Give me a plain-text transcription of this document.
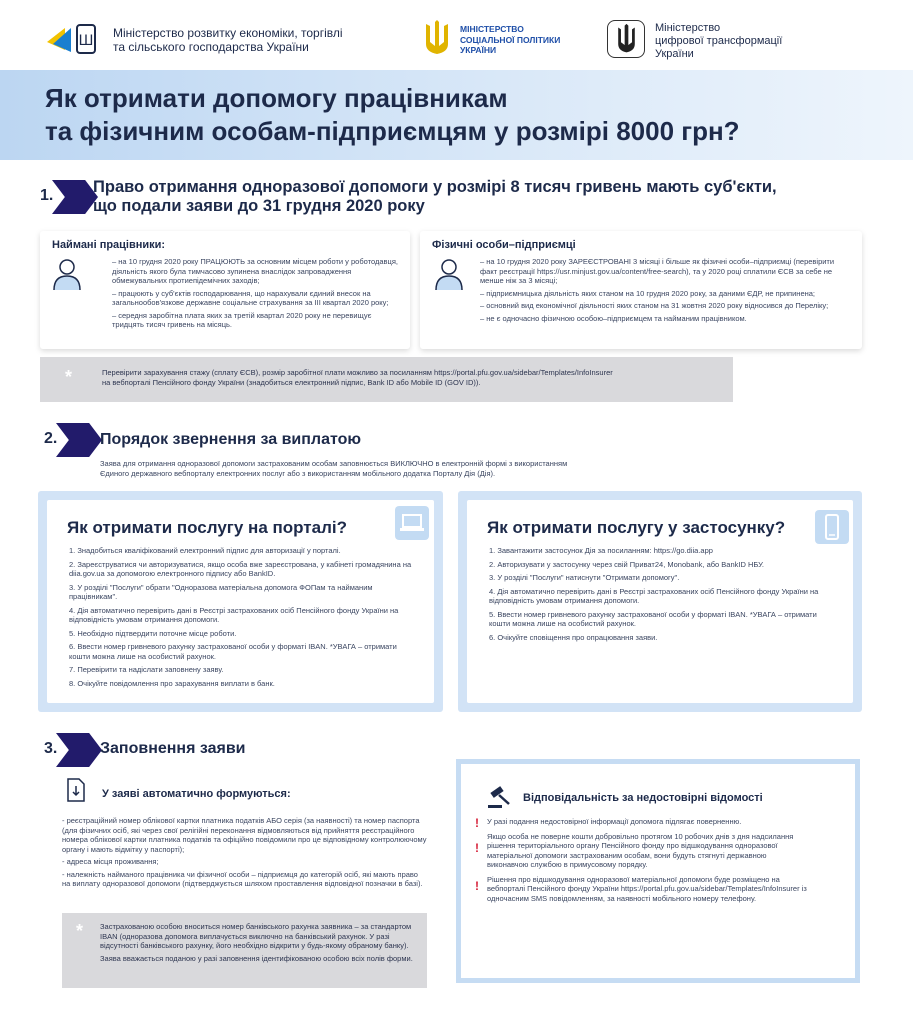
Ш Міністерство розвитку економіки, торгівлі
та сільського господарства України
МІНІСТЕРСТВО
СОЦІАЛЬНОЇ ПОЛІТИКИ
УКРАЇНИ
Міністерство
цифрової трансформації
України
Як отримати допомогу працівникам
та фізичним особам-підприємцям у розмірі 8000 грн?
1. Право отримання одноразової допомоги у розмірі 8 тисяч гривень мають суб'єкти,
що подали заяви до 31 грудня 2020 року
Наймані працівники:

– на 10 грудня 2020 року ПРАЦЮЮТЬ за основним місцем роботи у роботодавця, діяльність якого була тимчасово зупинена внаслідок запровадження обмежувальних протиепідемічних заходів;

– працюють у суб'єктів господарювання, що нарахували єдиний внесок на загальнообов'язкове державне соціальне страхування за III квартал 2020 року;

– середня заробітна плата яких за третій квартал 2020 року не перевищує тридцять тисяч гривень на місяць.

Фізичні особи–підприємці

– на 10 грудня 2020 року ЗАРЕЄСТРОВАНІ 3 місяці і більше як фізичні особи–підприємці (перевірити факт реєстрації https://usr.minjust.gov.ua/content/free-search), та у 2020 році сплатили ЄСВ за себе не менше ніж за 3 місяці;

– підприємницька діяльність яких станом на 10 грудня 2020 року, за даними ЄДР, не припинена;

– основний вид економічної діяльності яких станом на 31 жовтня 2020 року відносився до Переліку;

– не є одночасно фізичною особою–підприємцем та найманим працівником.

*	Перевірити зарахування стажу (сплату ЄСВ), розмір заробітної плати можливо за посиланням https://portal.pfu.gov.ua/sidebar/Templates/InfoInsurer
на вебпорталі Пенсійного фонду України (знадобиться електронний підпис, Bank ID або Mobile ID (GOV ID)).
2.	Порядок звернення за виплатою
Заява для отримання одноразової допомоги застрахованим особам заповнюється ВИКЛЮЧНО в електронній формі з використанням
Єдиного державного вебпорталу електронних послуг або з використанням мобільного додатка Порталу Дія (Дія).
Як отримати послугу на порталі?

1. Знадобиться кваліфікований електронний підпис для авторизації у порталі.

2. Зареєструватися чи авторизуватися, якщо особа вже зареєстрована, у кабінеті громадянина на diia.gov.ua за допомогою електронного підпису або BankID.

3. У розділі "Послуги" обрати "Одноразова матеріальна допомога ФОПам та найманим працівникам".

4. Дія автоматично перевірить дані в Реєстрі застрахованих осіб Пенсійного фонду України на відповідність умовам отримання допомоги.

5. Необхідно підтвердити поточне місце роботи.

6. Ввести номер гривневого рахунку застрахованої особи у форматі IBAN. *УВАГА – отримати кошти можна лише на особистий рахунок.

7. Перевірити та надіслати заповнену заяву.

8. Очікуйте повідомлення про зарахування виплати в банк.

Як отримати послугу у застосунку?

1. Завантажити застосунок Дія за посиланням: https://go.diia.app

2. Авторизувати у застосунку через свій Приват24, Monobank, або BankID НБУ.

3. У розділі "Послуги" натиснути "Отримати допомогу".

4. Дія автоматично перевірить дані в Реєстрі застрахованих осіб Пенсійного фонду України на відповідність умовам отримання допомоги.

5. Ввести номер гривневого рахунку застрахованої особи у форматі IBAN. *УВАГА – отримати кошти можна лише на особистий рахунок.

6. Очікуйте сповіщення про опрацювання заяви.

3.	Заповнення заяви
У заяві автоматично формуються:

- реєстраційний номер облікової картки платника податків АБО серія (за наявності) та номер паспорта (для фізичних осіб, які через свої релігійні переконання відмовляються від прийняття реєстраційного номера облікової картки платника податків та офіційно повідомили про це відповідному контролюючому органу і мають відмітку у паспорті);

- адреса місця проживання;

- належність найманого працівника чи фізичної особи – підприємця до категорій осіб, які мають право на виплату одноразової допомоги (підтверджується шляхом проставлення відповідної позначки в базі).

* Застрахованою особою вноситься номер банківського рахунка заявника – за стандартом IBAN (одноразова допомога виплачується виключно на банківський рахунок. У разі відсутності банківського рахунку, його необхідно відкрити у будь-якому обраному банку).

Заява вважається поданою у разі заповнення ідентифікованою особою всіх полів форми.

Відповідальність за недостовірні відомості
!
!
!

У разі подання недостовірної інформації допомога підлягає поверненню.

Якщо особа не поверне кошти добровільно протягом 10 робочих днів з дня надсилання рішення територіального органу Пенсійного фонду про відшкодування одноразової матеріальної допомоги застрахованим особам, вони будуть стягнуті державною виконавчою службою в примусовому порядку.

Рішення про відшкодування одноразової матеріальної допомоги буде розміщено на вебпорталі Пенсійного фонду України https://portal.pfu.gov.ua/sidebar/Templates/InfoInsurer із одночасним SMS повідомленням, за наявності мобільного номеру телефону.
